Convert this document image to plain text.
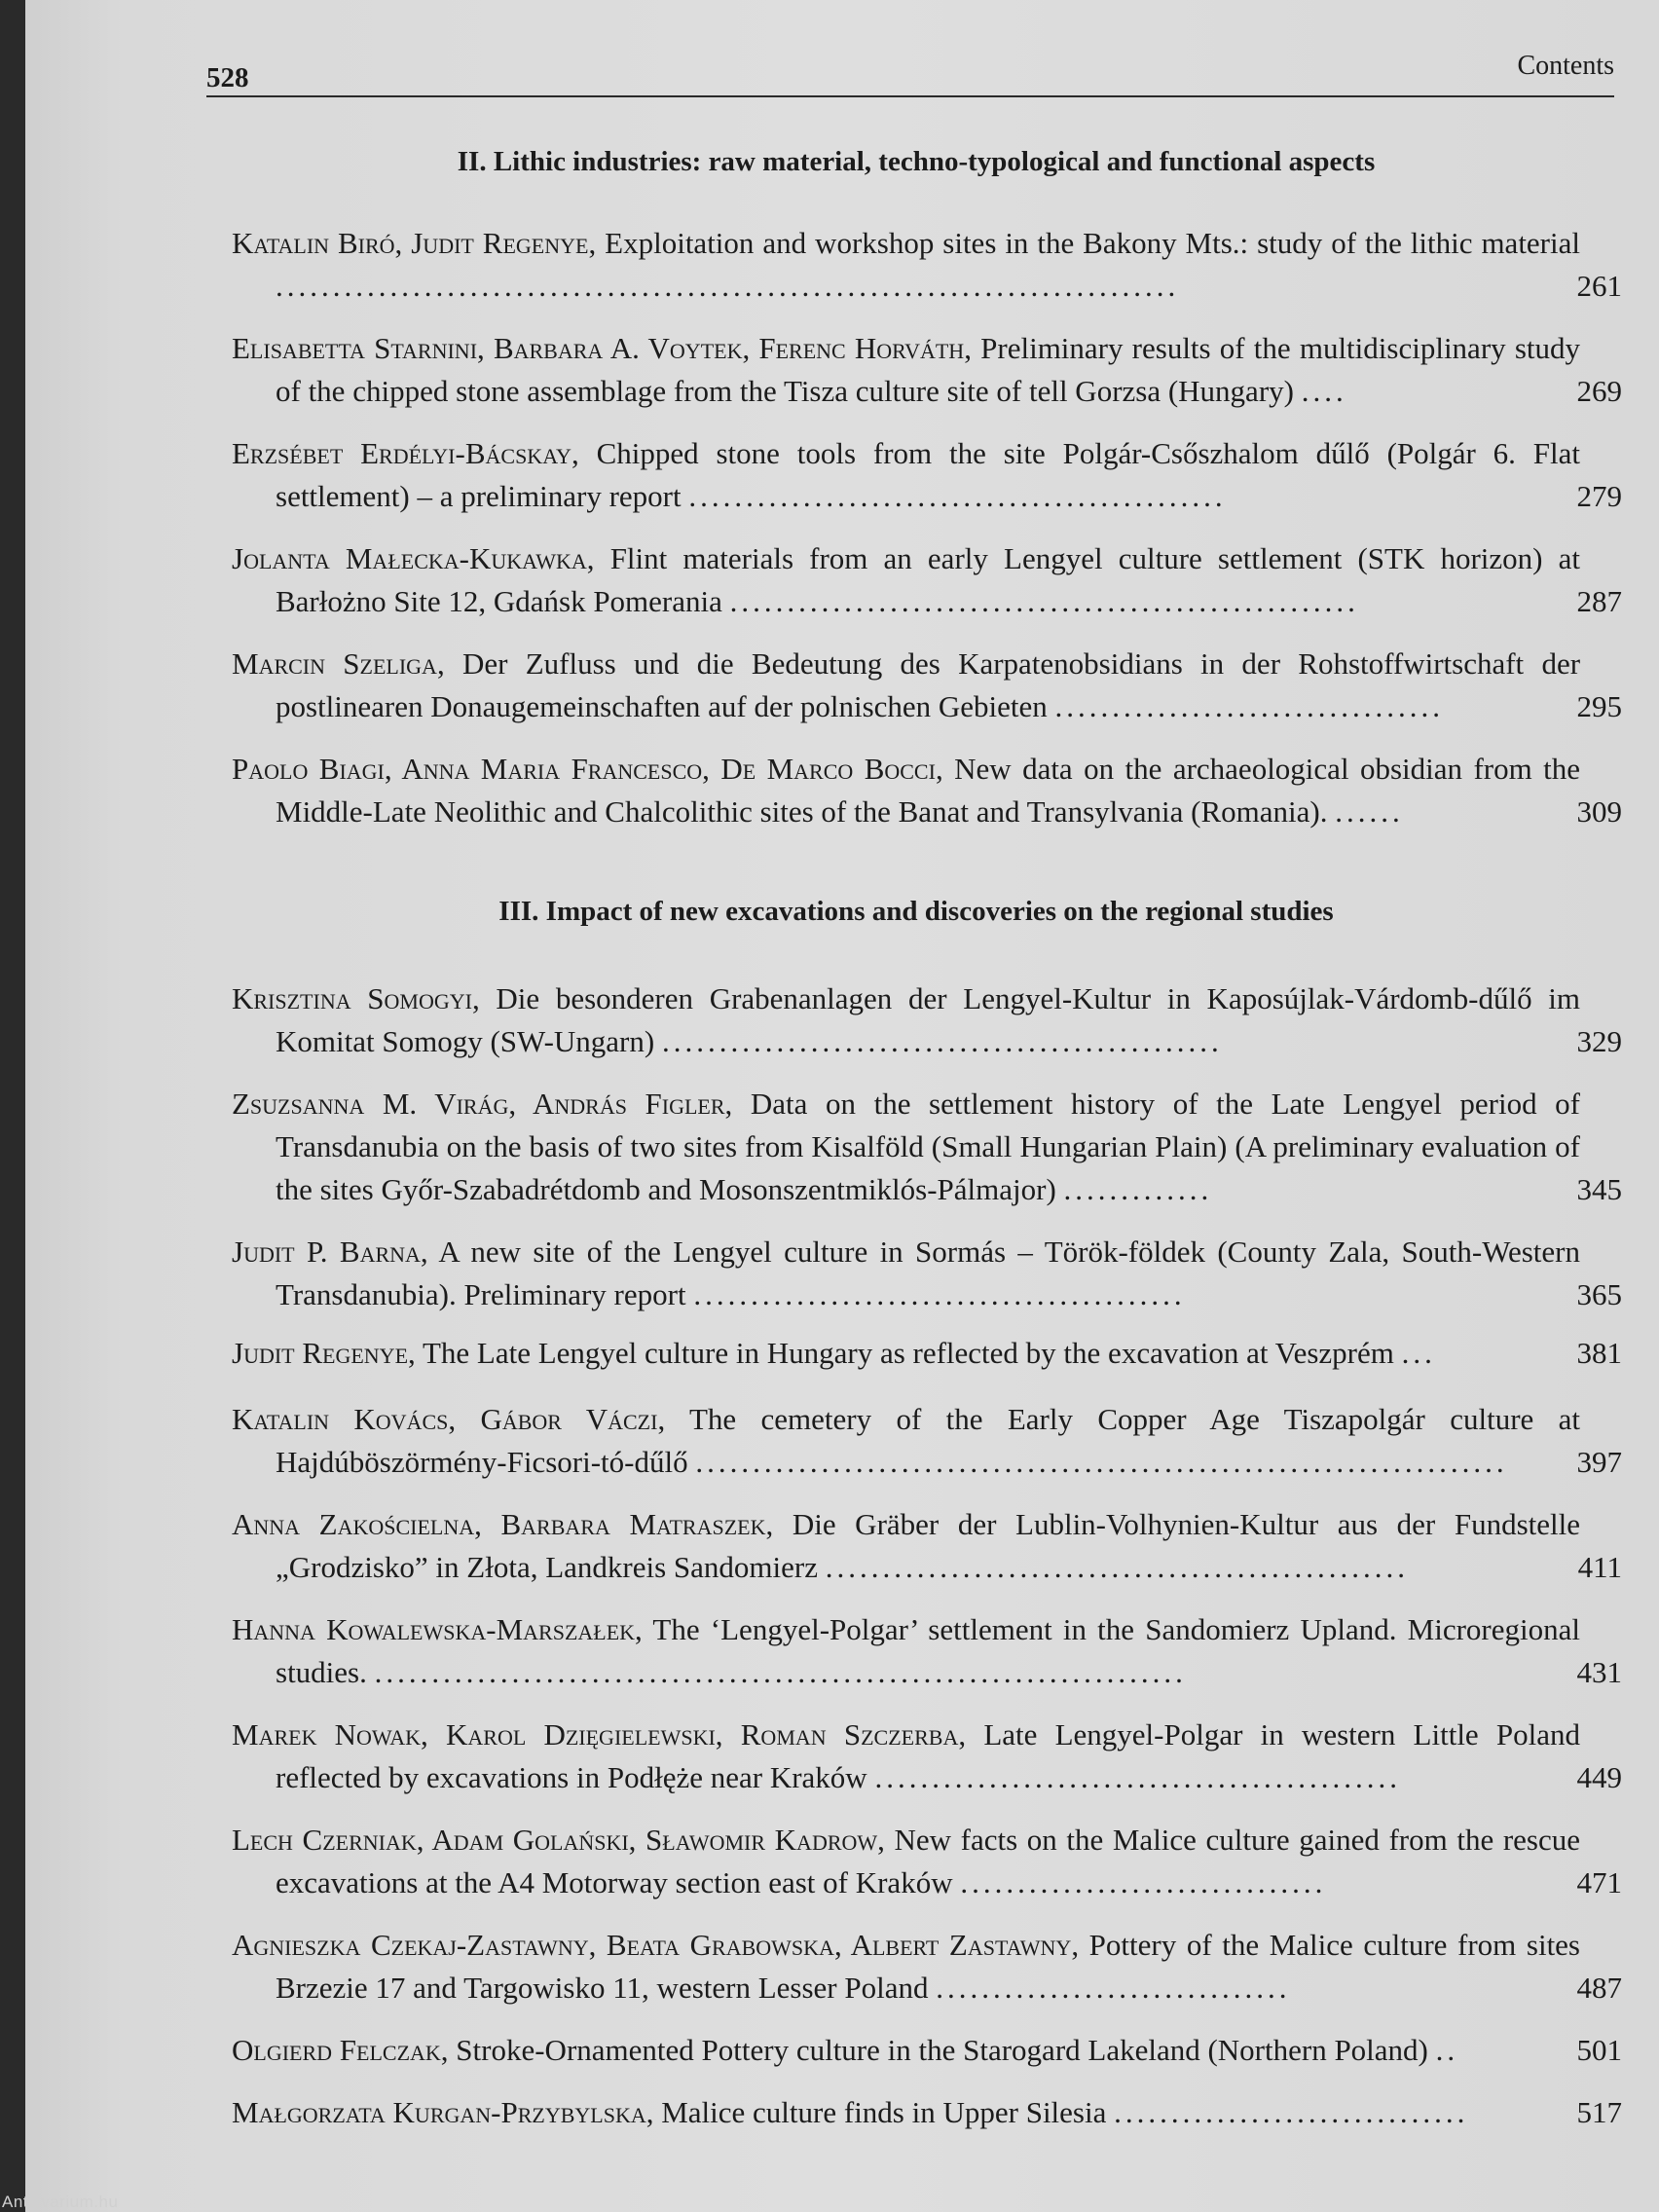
528	Contents
II. Lithic industries: raw material, techno-typological and functional aspects
Katalin Biró, Judit Regenye, Exploitation and workshop sites in the Bakony Mts.: study of the lithic material ...............................................................................	261
Elisabetta Starnini, Barbara A. Voytek, Ferenc Horváth, Preliminary results of the multidisciplinary study of the chipped stone assemblage from the Tisza culture site of tell Gorzsa (Hungary) ....	269
Erzsébet Erdélyi-Bácskay, Chipped stone tools from the site Polgár-Csőszhalom dűlő (Polgár 6. Flat settlement) – a preliminary report ...............................................	279
Jolanta Małecka-Kukawka, Flint materials from an early Lengyel culture settlement (STK horizon) at Barłożno Site 12, Gdańsk Pomerania .......................................................	287
Marcin Szeliga, Der Zufluss und die Bedeutung des Karpatenobsidians in der Rohstoffwirtschaft der postlinearen Donaugemeinschaften auf der polnischen Gebieten ..................................	295
Paolo Biagi, Anna Maria Francesco, De Marco Bocci, New data on the archaeological obsidian from the Middle-Late Neolithic and Chalcolithic sites of the Banat and Transylvania (Romania). ......	309
III. Impact of new excavations and discoveries on the regional studies
Krisztina Somogyi, Die besonderen Grabenanlagen der Lengyel-Kultur in Kaposújlak-Várdomb-dűlő im Komitat Somogy (SW-Ungarn) .................................................	329
Zsuzsanna M. Virág, András Figler, Data on the settlement history of the Late Lengyel period of Transdanubia on the basis of two sites from Kisalföld (Small Hungarian Plain) (A preliminary evaluation of the sites Győr-Szabadrétdomb and Mosonszentmiklós-Pálmajor) .............	345
Judit P. Barna, A new site of the Lengyel culture in Sormás – Török-földek (County Zala, South-Western Transdanubia). Preliminary report ...........................................	365
Judit Regenye, The Late Lengyel culture in Hungary as reflected by the excavation at Veszprém ...	381
Katalin Kovács, Gábor Váczi, The cemetery of the Early Copper Age Tiszapolgár culture at Hajdúböszörmény-Ficsori-tó-dűlő .......................................................................	397
Anna Zakościelna, Barbara Matraszek, Die Gräber der Lublin-Volhynien-Kultur aus der Fundstelle „Grodzisko” in Złota, Landkreis Sandomierz ...................................................	411
Hanna Kowalewska-Marszałek, The ‘Lengyel-Polgar’ settlement in the Sandomierz Upland. Microregional studies. .......................................................................	431
Marek Nowak, Karol Dzięgielewski, Roman Szczerba, Late Lengyel-Polgar in western Little Poland reflected by excavations in Podłęże near Kraków ..............................................	449
Lech Czerniak, Adam Golański, Sławomir Kadrow, New facts on the Malice culture gained from the rescue excavations at the A4 Motorway section east of Kraków ................................	471
Agnieszka Czekaj-Zastawny, Beata Grabowska, Albert Zastawny, Pottery of the Malice culture from sites Brzezie 17 and Targowisko 11, western Lesser Poland ...............................	487
Olgierd Felczak, Stroke-Ornamented Pottery culture in the Starogard Lakeland (Northern Poland) ..	501
Małgorzata Kurgan-Przybylska, Malice culture finds in Upper Silesia ...............................	517
Antikvarium.hu
